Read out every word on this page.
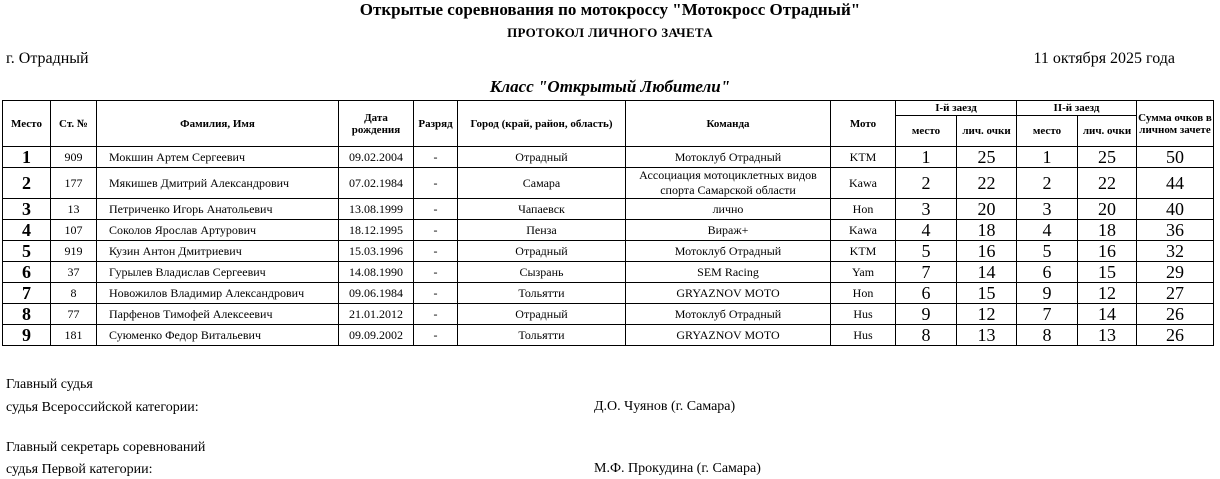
Открытые соревнования по мотокроссу "Мотокросс Отрадный"
ПРОТОКОЛ ЛИЧНОГО ЗАЧЕТА
г. Отрадный	11 октября 2025 года
Класс "Открытый Любители"
Место	Ст. №	Фамилия, Имя	Дата рождения	Разряд	Город (край, район, область)	Команда	Мото	I-й заезд		II-й заезд		Сумма очков в личном зачете
								место	лич. очки	место	лич. очки	
1	909	Мокшин Артем Сергеевич	09.02.2004	-	Отрадный	Мотоклуб Отрадный	KTM	1	25	1	25	50
2	177	Мякишев Дмитрий Александрович	07.02.1984	-	Самара	Ассоциация мотоциклетных видов спорта Самарской области	Kawa	2	22	2	22	44
3	13	Петриченко Игорь Анатольевич	13.08.1999	-	Чапаевск	лично	Hon	3	20	3	20	40
4	107	Соколов Ярослав Артурович	18.12.1995	-	Пенза	Вираж+	Kawa	4	18	4	18	36
5	919	Кузин Антон Дмитриевич	15.03.1996	-	Отрадный	Мотоклуб Отрадный	KTM	5	16	5	16	32
6	37	Гурылев Владислав Сергеевич	14.08.1990	-	Сызрань	SEM Racing	Yam	7	14	6	15	29
7	8	Новожилов Владимир Александрович	09.06.1984	-	Тольятти	GRYAZNOV MOTO	Hon	6	15	9	12	27
8	77	Парфенов Тимофей Алексеевич	21.01.2012	-	Отрадный	Мотоклуб Отрадный	Hus	9	12	7	14	26
9	181	Суюменко Федор Витальевич	09.09.2002	-	Тольятти	GRYAZNOV MOTO	Hus	8	13	8	13	26
Главный судья
судья Всероссийской категории:	Д.О. Чуянов (г. Самара)
Главный секретарь соревнований
судья Первой категории:	М.Ф. Прокудина (г. Самара)
